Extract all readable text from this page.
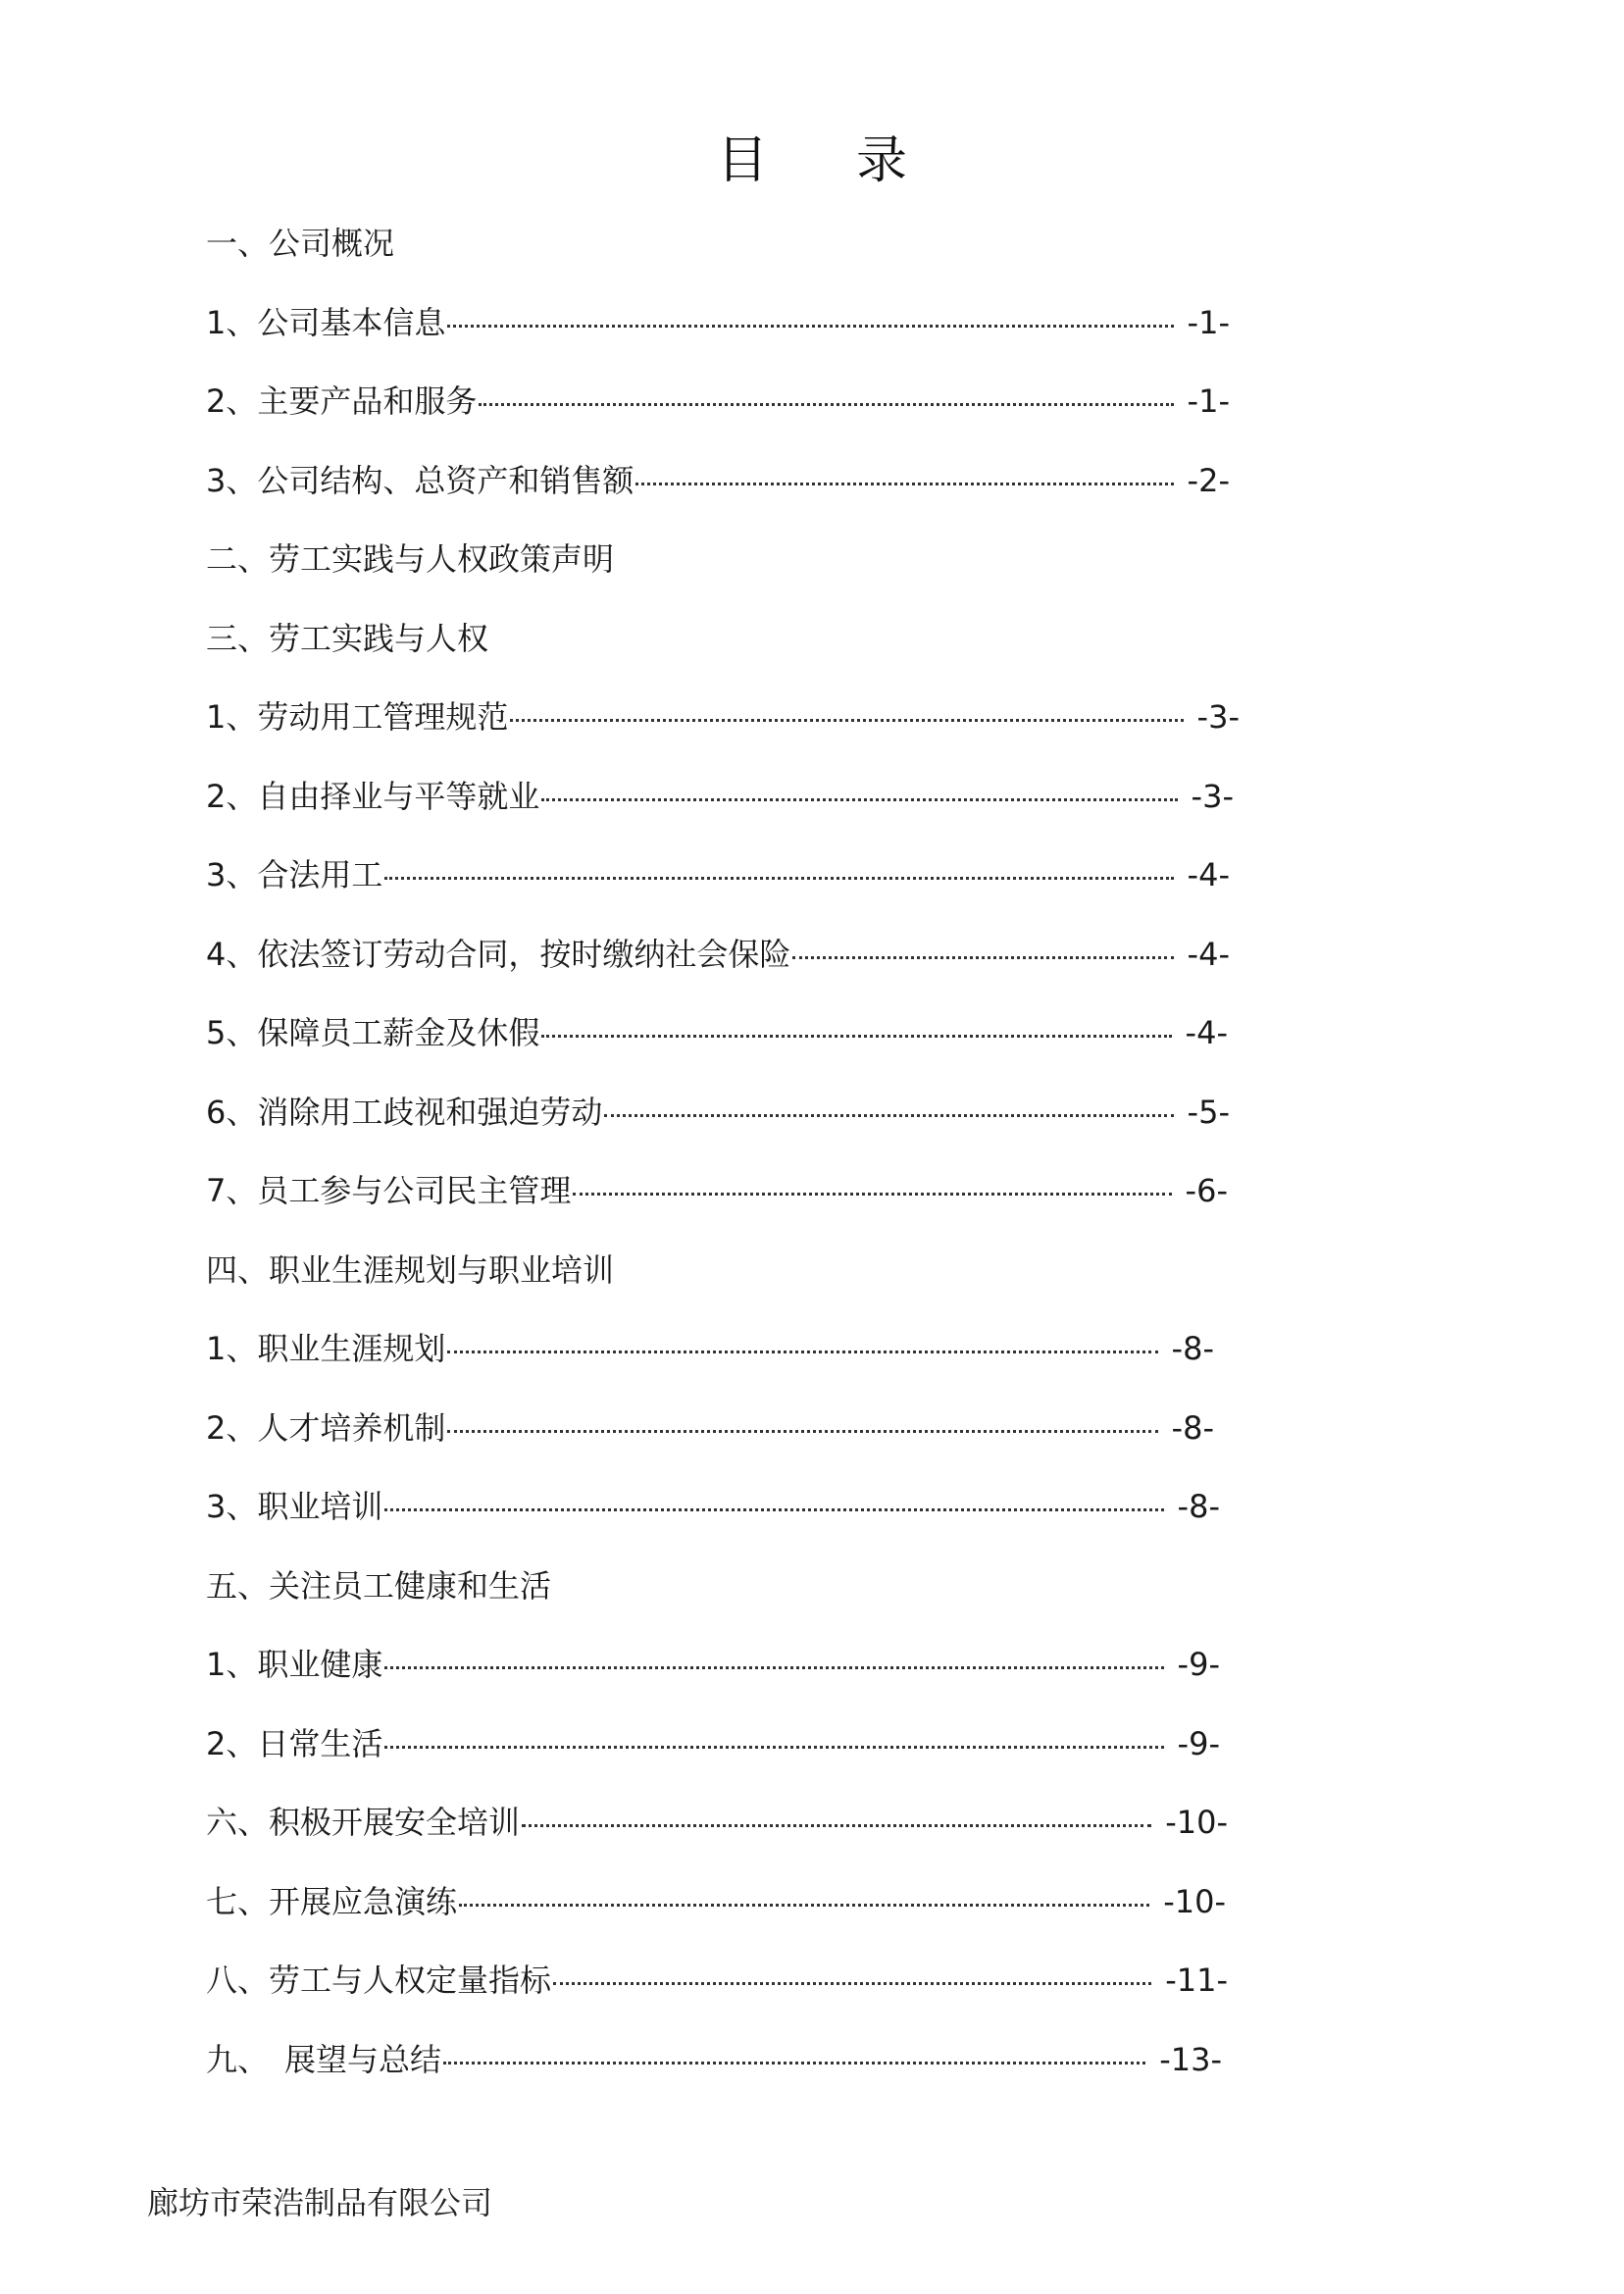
目录
一、公司概况
1、公司基本信息	-1-
2、主要产品和服务	-1-
3、公司结构、总资产和销售额	-2-
二、劳工实践与人权政策声明
三、劳工实践与人权
1、劳动用工管理规范	-3-
2、自由择业与平等就业	-3-
3、合法用工	-4-
4、依法签订劳动合同，按时缴纳社会保险	-4-
5、保障员工薪金及休假	-4-
6、消除用工歧视和强迫劳动	-5-
7、员工参与公司民主管理	-6-
四、职业生涯规划与职业培训
1、职业生涯规划	-8-
2、人才培养机制	-8-
3、职业培训	-8-
五、关注员工健康和生活
1、职业健康	-9-
2、日常生活	-9-
六、积极开展安全培训	-10-
七、开展应急演练	-10-
八、劳工与人权定量指标	-11-
九、　展望与总结	-13-
廊坊市荣浩制品有限公司
